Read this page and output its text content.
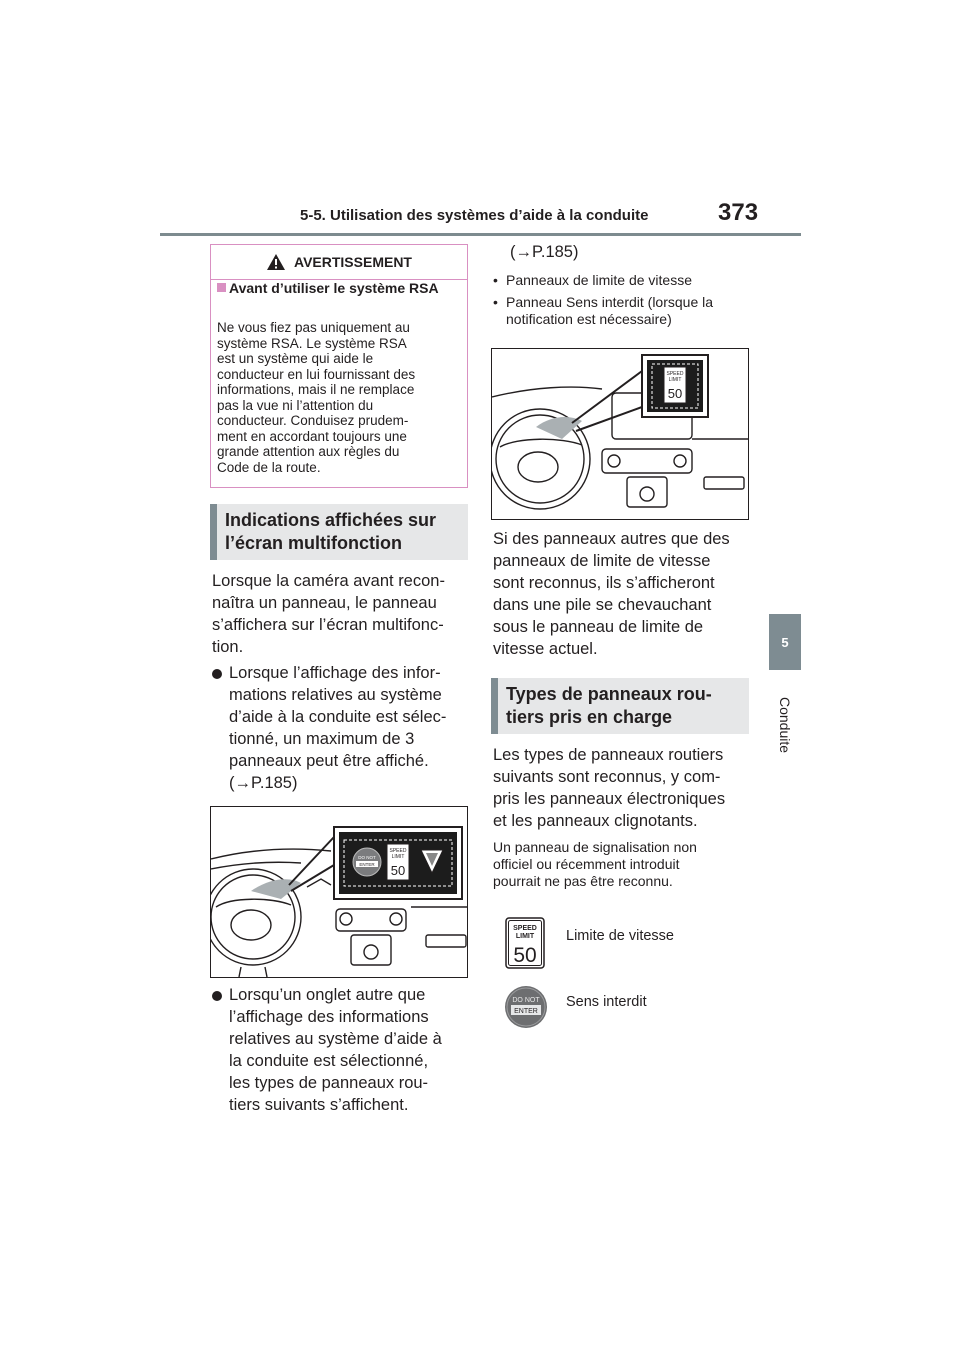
5-5. Utilisation des systèmes d’aide à la conduite	373
5
Conduite
AVERTISSEMENT
Avant d’utiliser le système RSA
Ne vous fiez pas uniquement au
système RSA. Le système RSA
est un système qui aide le
conducteur en lui fournissant des
informations, mais il ne remplace
pas la vue ni l’attention du
conducteur. Conduisez prudem-
ment en accordant toujours une
grande attention aux règles du
Code de la route.
Indications affichées sur
l’écran multifonction
Lorsque la caméra avant recon-
naîtra un panneau, le panneau
s’affichera sur l’écran multifonc-
tion.
Lorsque l’affichage des infor-
mations relatives au système
d’aide à la conduite est sélec-
tionné, un maximum de 3
panneaux peut être affiché.
(→P.185)
DO NOT
ENTER
SPEED
LIMIT
50
Lorsqu’un onglet autre que
l’affichage des informations
relatives au système d’aide à
la conduite est sélectionné,
les types de panneaux rou-
tiers suivants s’affichent.
(→P.185)
• Panneaux de limite de vitesse
• Panneau Sens interdit (lorsque la
notification est nécessaire)
SPEED
LIMIT
50
Si des panneaux autres que des
panneaux de limite de vitesse
sont reconnus, ils s’afficheront
dans une pile se chevauchant
sous le panneau de limite de
vitesse actuel.
Types de panneaux rou-
tiers pris en charge
Les types de panneaux routiers
suivants sont reconnus, y com-
pris les panneaux électroniques
et les panneaux clignotants.
Un panneau de signalisation non
officiel ou récemment introduit
pourrait ne pas être reconnu.
SPEED
LIMIT
50
Limite de vitesse
DO NOT
ENTER
Sens interdit
